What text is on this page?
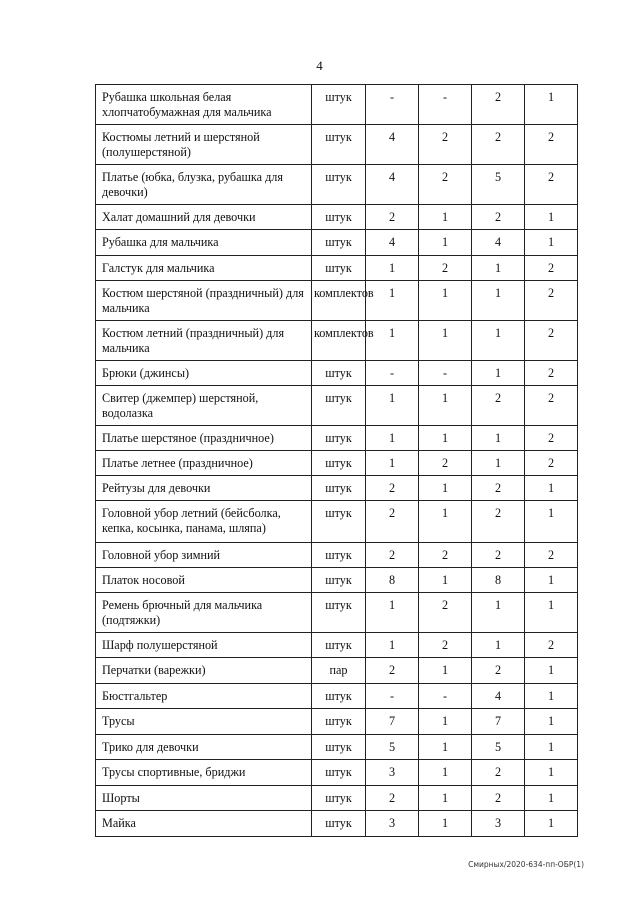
4
Рубашка школьная белая хлопчатобумажная для мальчика	штук	-	-	2	1

Костюмы летний и шерстяной (полушерстяной)	штук	4	2	2	2

Платье (юбка, блузка, рубашка для девочки)	штук	4	2	5	2

Халат домашний для девочки	штук	2	1	2	1

Рубашка для мальчика	штук	4	1	4	1

Галстук для мальчика	штук	1	2	1	2

Костюм шерстяной (праздничный) для мальчика	комплектов	1	1	1	2

Костюм летний (праздничный) для мальчика	комплектов	1	1	1	2

Брюки (джинсы)	штук	-	-	1	2

Свитер (джемпер) шерстяной, водолазка	штук	1	1	2	2

Платье шерстяное (праздничное)	штук	1	1	1	2

Платье летнее (праздничное)	штук	1	2	1	2

Рейтузы для девочки	штук	2	1	2	1

Головной убор летний (бейсболка, кепка, косынка, панама, шляпа)	штук	2	1	2	1

Головной убор зимний	штук	2	2	2	2

Платок носовой	штук	8	1	8	1

Ремень брючный для мальчика (подтяжки)	штук	1	2	1	1

Шарф полушерстяной	штук	1	2	1	2

Перчатки (варежки)	пар	2	1	2	1

Бюстгальтер	штук	-	-	4	1

Трусы	штук	7	1	7	1

Трико для девочки	штук	5	1	5	1

Трусы спортивные, бриджи	штук	3	1	2	1

Шорты	штук	2	1	2	1

Майка	штук	3	1	3	1
Смирных/2020-634-пп-ОБР(1)
